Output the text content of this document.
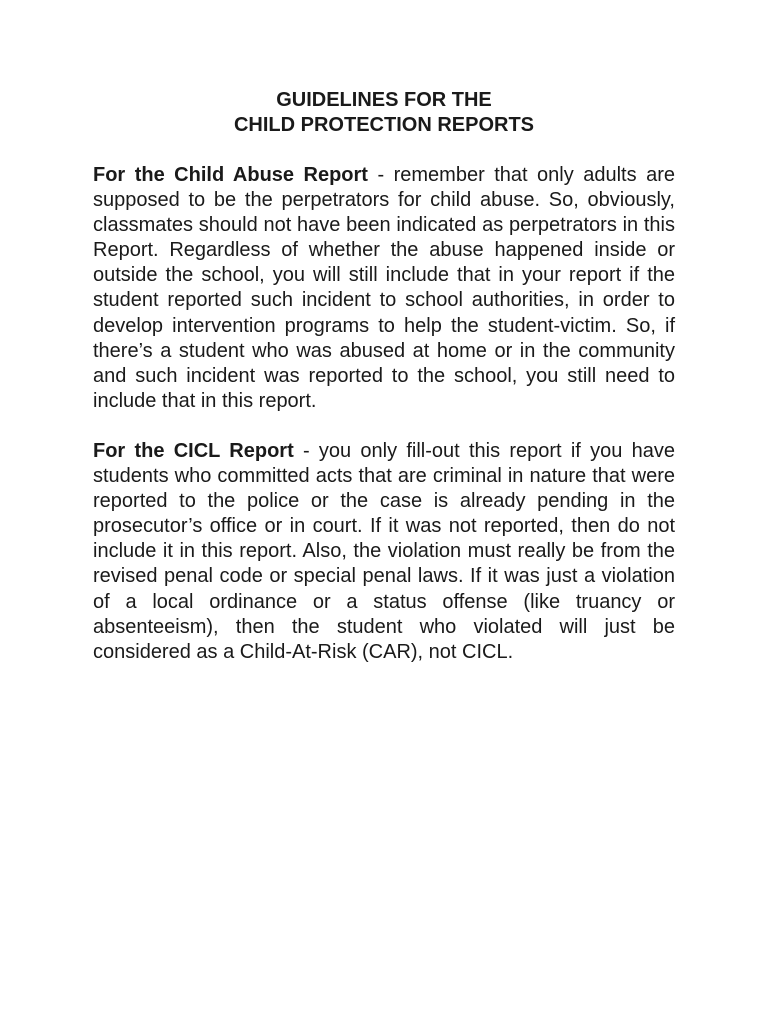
GUIDELINES FOR THE
CHILD PROTECTION REPORTS

For the Child Abuse Report - remember that only adults are supposed to be the perpetrators for child abuse. So, obviously, classmates should not have been indicated as perpetrators in this Report. Regardless of whether the abuse happened inside or outside the school, you will still include that in your report if the student reported such incident to school authorities, in order to develop intervention programs to help the student-victim. So, if there’s a student who was abused at home or in the community and such incident was reported to the school, you still need to include that in this report.

For the CICL Report - you only fill-out this report if you have students who committed acts that are criminal in nature that were reported to the police or the case is already pending in the prosecutor’s office or in court. If it was not reported, then do not include it in this report. Also, the violation must really be from the revised penal code or special penal laws. If it was just a violation of a local ordinance or a status offense (like truancy or absenteeism), then the student who violated will just be considered as a Child-At-Risk (CAR), not CICL.
